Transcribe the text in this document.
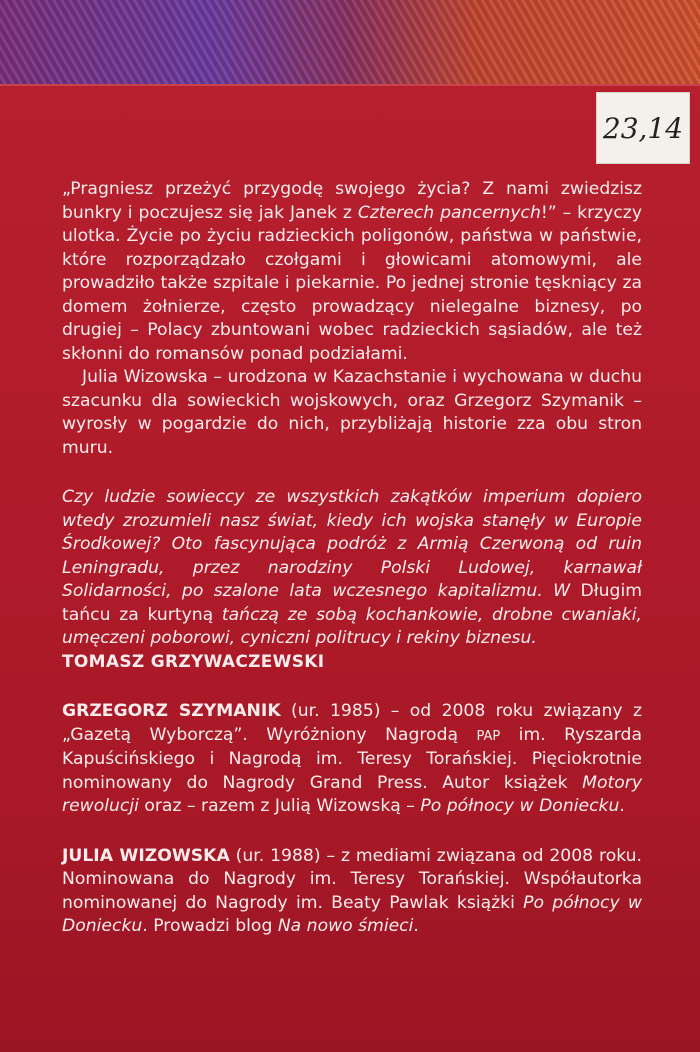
23,14

„Pragniesz przeżyć przygodę swojego życia? Z nami zwiedzisz bunkry i poczujesz się jak Janek z Czterech pancernych!” – krzyczy ulotka. Życie po życiu radzieckich poligonów, państwa w państwie, które rozporządzało czołgami i głowicami atomowymi, ale prowadziło także szpitale i piekarnie. Po jednej stronie tęskniący za domem żołnierze, często prowadzący nielegalne biznesy, po drugiej – Polacy zbuntowani wobec radzieckich sąsiadów, ale też skłonni do romansów ponad podziałami.

Julia Wizowska – urodzona w Kazachstanie i wychowana w duchu szacunku dla sowieckich wojskowych, oraz Grzegorz Szymanik – wyrosły w pogardzie do nich, przybliżają historie zza obu stron muru.

Czy ludzie sowieccy ze wszystkich zakątków imperium dopiero wtedy zrozumieli nasz świat, kiedy ich wojska stanęły w Europie Środkowej? Oto fascynująca podróż z Armią Czerwoną od ruin Leningradu, przez narodziny Polski Ludowej, karnawał Solidarności, po szalone lata wczesnego kapitalizmu. W Długim tańcu za kurtyną tańczą ze sobą kochankowie, drobne cwaniaki, umęczeni poborowi, cyniczni politrucy i rekiny biznesu.

TOMASZ GRZYWACZEWSKI

GRZEGORZ SZYMANIK (ur. 1985) – od 2008 roku związany z „Gazetą Wyborczą”. Wyróżniony Nagrodą PAP im. Ryszarda Kapuścińskiego i Nagrodą im. Teresy Torańskiej. Pięciokrotnie nominowany do Nagrody Grand Press. Autor książek Motory rewolucji oraz – razem z Julią Wizowską – Po północy w Doniecku.

JULIA WIZOWSKA (ur. 1988) – z mediami związana od 2008 roku. Nominowana do Nagrody im. Teresy Torańskiej. Współautorka nominowanej do Nagrody im. Beaty Pawlak książki Po północy w Doniecku. Prowadzi blog Na nowo śmieci.
